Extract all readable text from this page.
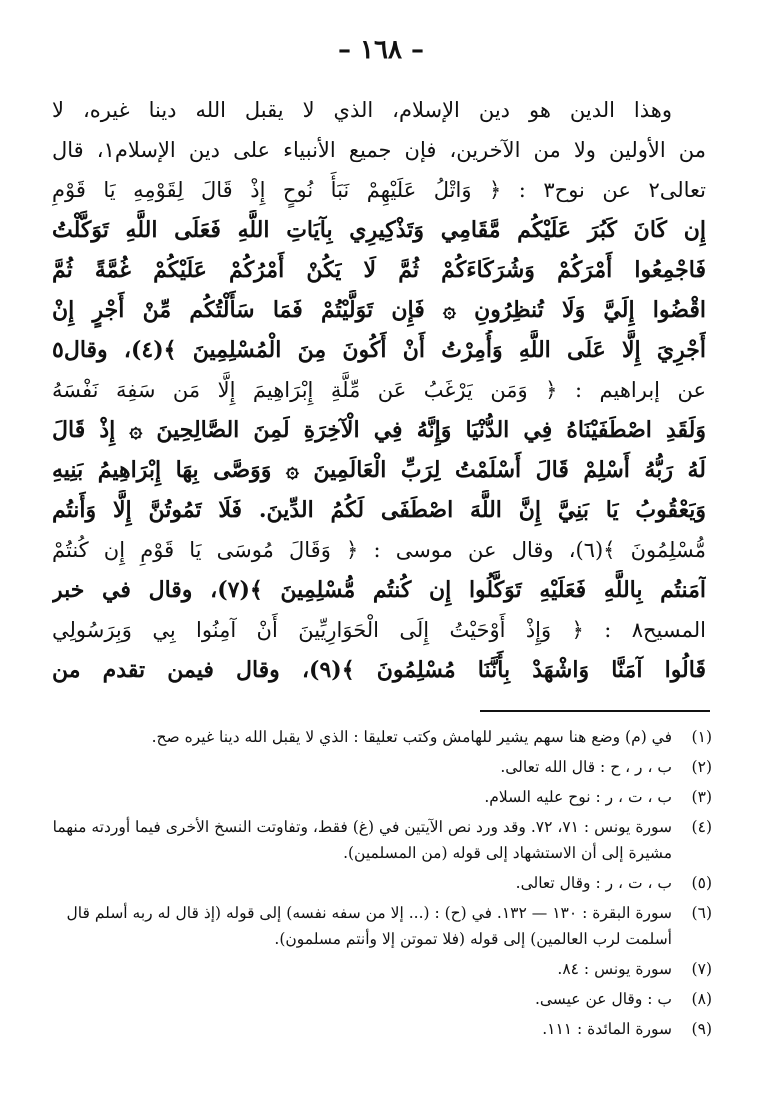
– ١٦٨ –
وهذا الدين هو دين الإسلام، الذي لا يقبل الله دينا غيره، لا
من الأولين ولا من الآخرين، فإن جميع الأنبياء على دين الإسلام١، قال
تعالى٢ عن نوح٣ : ﴿ وَاتْلُ عَلَيْهِمْ نَبَأَ نُوحٍ إِذْ قَالَ لِقَوْمِهِ يَا قَوْمِ
إِن كَانَ كَبُرَ عَلَيْكُم مَّقَامِي وَتَذْكِيرِي بِآيَاتِ اللَّهِ فَعَلَى اللَّهِ تَوَكَّلْتُ
فَاجْمِعُوا أَمْرَكُمْ وَشُرَكَاءَكُمْ ثُمَّ لَا يَكُنْ أَمْرُكُمْ عَلَيْكُمْ غُمَّةً ثُمَّ
اقْضُوا إِلَيَّ وَلَا تُنظِرُونِ ۞ فَإِن تَوَلَّيْتُمْ فَمَا سَأَلْتُكُم مِّنْ أَجْرٍ إِنْ
أَجْرِيَ إِلَّا عَلَى اللَّهِ وَأُمِرْتُ أَنْ أَكُونَ مِنَ الْمُسْلِمِينَ ﴾(٤)، وقال٥
عن إبراهيم : ﴿ وَمَن يَرْغَبُ عَن مِّلَّةِ إِبْرَاهِيمَ إِلَّا مَن سَفِهَ نَفْسَهُ
وَلَقَدِ اصْطَفَيْنَاهُ فِي الدُّنْيَا وَإِنَّهُ فِي الْآخِرَةِ لَمِنَ الصَّالِحِينَ ۞ إِذْ قَالَ
لَهُ رَبُّهُ أَسْلِمْ قَالَ أَسْلَمْتُ لِرَبِّ الْعَالَمِينَ ۞ وَوَصَّى بِهَا إِبْرَاهِيمُ بَنِيهِ
وَيَعْقُوبُ يَا بَنِيَّ إِنَّ اللَّهَ اصْطَفَى لَكُمُ الدِّينَ. فَلَا تَمُوتُنَّ إِلَّا وَأَنتُم
مُّسْلِمُونَ ﴾(٦)، وقال عن موسى : ﴿ وَقَالَ مُوسَى يَا قَوْمِ إِن كُنتُمْ
آمَنتُم بِاللَّهِ فَعَلَيْهِ تَوَكَّلُوا إِن كُنتُم مُّسْلِمِينَ ﴾(٧)، وقال في خبر
المسيح٨ : ﴿ وَإِذْ أَوْحَيْتُ إِلَى الْحَوَارِيِّينَ أَنْ آمِنُوا بِي وَبِرَسُولِي
قَالُوا آمَنَّا وَاشْهَدْ بِأَنَّنَا مُسْلِمُونَ ﴾(٩)، وقال فيمن تقدم من
(١)
في (م) وضع هنا سهم يشير للهامش وكتب تعليقا : الذي لا يقبل الله دينا غيره صح.
(٢)
ب ، ر ، ح : قال الله تعالى.
(٣)
ب ، ت ، ر : نوح عليه السلام.
(٤)
سورة يونس : ٧١، ٧٢. وقد ورد نص الآيتين في (غ) فقط، وتفاوتت النسخ الأخرى فيما أوردته منهما مشيرة إلى أن الاستشهاد إلى قوله (من المسلمين).
(٥)
ب ، ت ، ر : وقال تعالى.
(٦)
سورة البقرة : ١٣٠ — ١٣٢. في (ح) : (... إلا من سفه نفسه) إلى قوله (إذ قال له ربه أسلم قال أسلمت لرب العالمين) إلى قوله (فلا تموتن إلا وأنتم مسلمون).
(٧)
سورة يونس : ٨٤.
(٨)
ب : وقال عن عيسى.
(٩)
سورة المائدة : ١١١.
